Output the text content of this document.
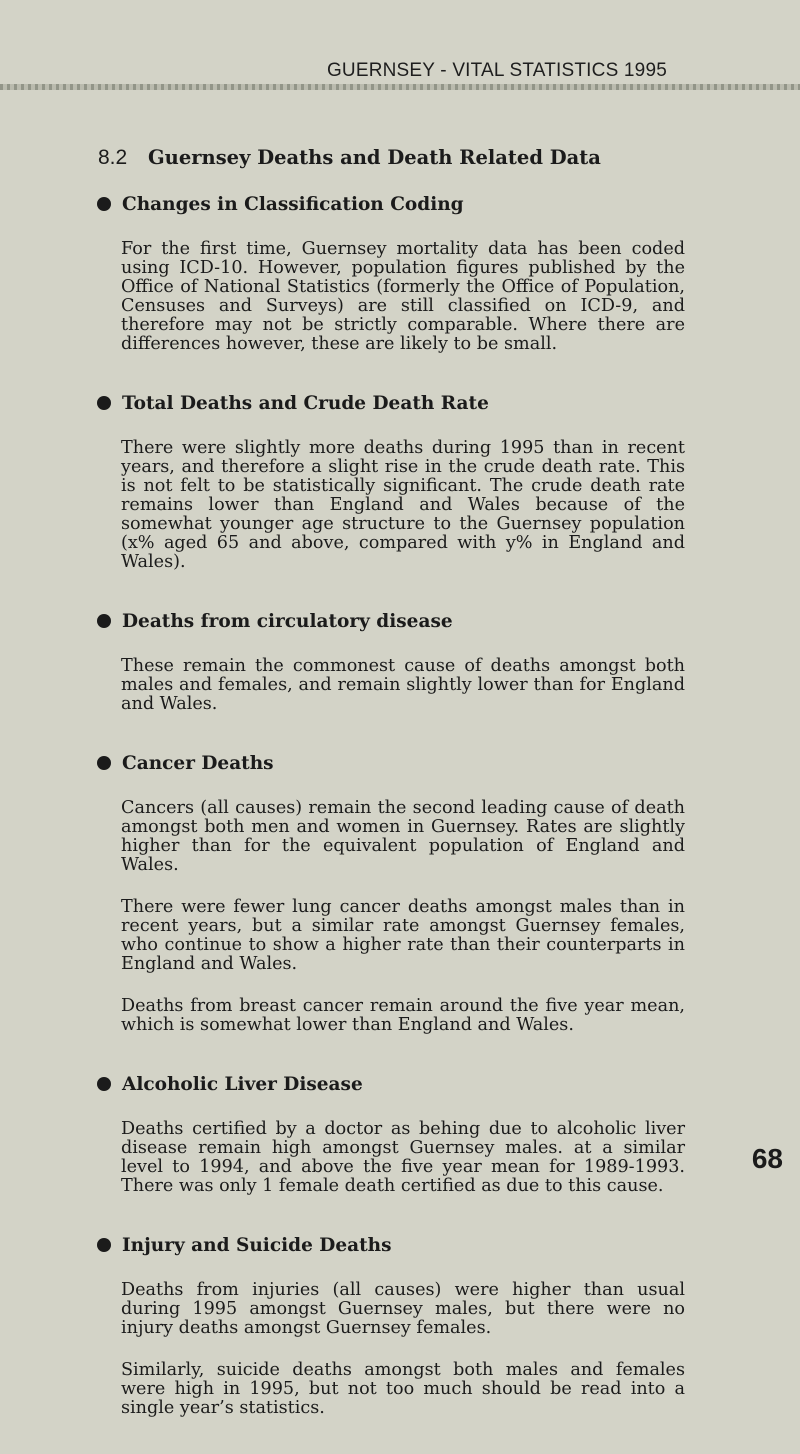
GUERNSEY - VITAL STATISTICS 1995
8.2 Guernsey Deaths and Death Related Data
Changes in Classification Coding

For the first time, Guernsey mortality data has been coded using ICD-10. However, population figures published by the Office of National Statistics (formerly the Office of Population, Censuses and Surveys) are still classified on ICD-9, and therefore may not be strictly comparable. Where there are differences however, these are likely to be small.

Total Deaths and Crude Death Rate

There were slightly more deaths during 1995 than in recent years, and therefore a slight rise in the crude death rate. This is not felt to be statistically significant. The crude death rate remains lower than England and Wales because of the somewhat younger age structure to the Guernsey population (x% aged 65 and above, compared with y% in England and Wales).

Deaths from circulatory disease

These remain the commonest cause of deaths amongst both males and females, and remain slightly lower than for England and Wales.

Cancer Deaths

Cancers (all causes) remain the second leading cause of death amongst both men and women in Guernsey. Rates are slightly higher than for the equivalent population of England and Wales.

There were fewer lung cancer deaths amongst males than in recent years, but a similar rate amongst Guernsey females, who continue to show a higher rate than their counterparts in England and Wales.

Deaths from breast cancer remain around the five year mean, which is somewhat lower than England and Wales.

Alcoholic Liver Disease

Deaths certified by a doctor as behing due to alcoholic liver disease remain high amongst Guernsey males. at a similar level to 1994, and above the five year mean for 1989-1993. There was only 1 female death certified as due to this cause.

Injury and Suicide Deaths

Deaths from injuries (all causes) were higher than usual during 1995 amongst Guernsey males, but there were no injury deaths amongst Guernsey females.

Similarly, suicide deaths amongst both males and females were high in 1995, but not too much should be read into a single year’s statistics.

68
